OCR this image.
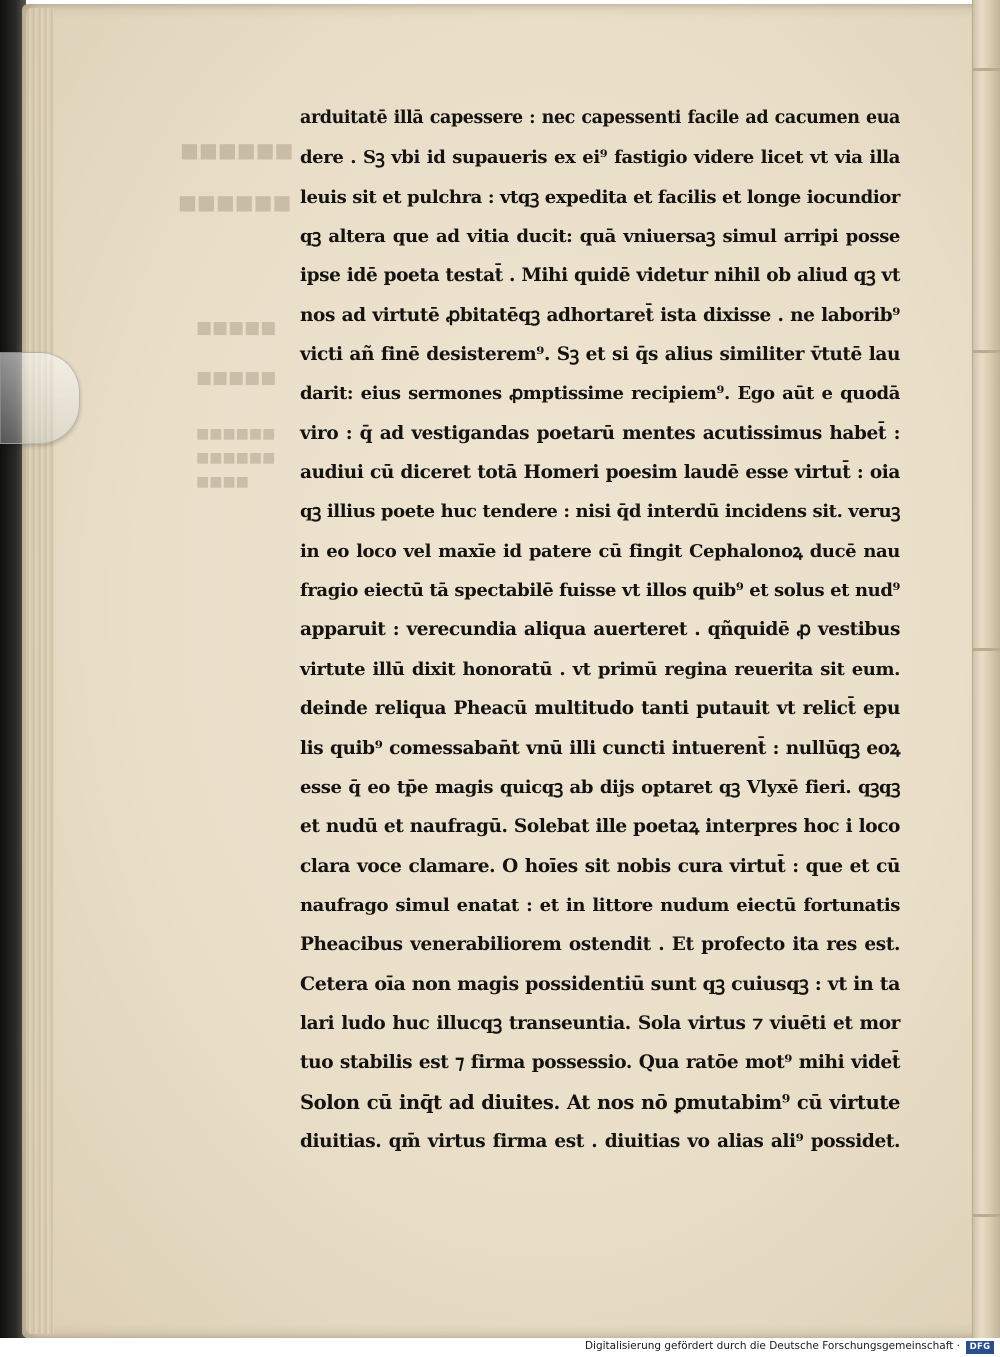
■■■■■■
■■■■■■
■■■■■
■■■■■
■■■■■■
■■■■■■
■■■■
arduitatē illā capessere : nec capessenti facile ad cacumen eua
dere . Sꝫ vbi id supaueris ex ei⁹ fastigio videre licet vt via illa
leuis sit et pulchra : vtqꝫ expedita et facilis et longe iocundior
qꝫ altera que ad vitia ducit: quā vniuersaꝫ simul arripi posse
ipse idē poeta testat̄ . Mihi quidē videtur nihil ob aliud qꝫ vt
nos ad virtutē ꝓbitatēqꝫ adhortaret̄ ista dixisse . ne laborib⁹
victi añ finē desisterem⁹. Sꝫ et si q̄s alius similiter v̄tutē lau
darit: eius sermones ꝓmptissime recipiem⁹. Ego aūt e quodā
viro : q̄ ad vestigandas poetarū mentes acutissimus habet̄ :
audiui cū diceret totā Homeri poesim laudē esse virtut̄ : oia
qꝫ illius poete huc tendere : nisi q̄d interdū incidens sit. veruꝫ
in eo loco vel maxīe id patere cū fingit Cephalonoꝝ ducē nau
fragio eiectū tā spectabilē fuisse vt illos quib⁹ et solus et nud⁹
apparuit : verecundia aliqua auerteret . qñquidē ꝓ vestibus
virtute illū dixit honoratū . vt primū regina reuerita sit eum.
deinde reliqua Pheacū multitudo tanti putauit vt relict̄ epu
lis quib⁹ comessaban̄t vnū illi cuncti intuerent̄ : nullūqꝫ eoꝝ
esse q̄ eo tp̄e magis quicqꝫ ab dijs optaret qꝫ Vlyxē fieri. qꝫqꝫ
et nudū et naufragū. Solebat ille poetaꝝ interpres hoc i loco
clara voce clamare. O hoīes sit nobis cura virtut̄ : que et cū
naufrago simul enatat : et in littore nudum eiectū fortunatis
Pheacibus venerabiliorem ostendit . Et profecto ita res est.
Cetera oīa non magis possidentiū sunt qꝫ cuiusqꝫ : vt in ta
lari ludo huc illucqꝫ transeuntia. Sola virtus ⁊ viuēti et mor
tuo stabilis est ⁊ firma possessio. Qua ratōe mot⁹ mihi videt̄
Solon cū inq̄t ad diuites. At nos nō ꝑmutabim⁹ cū virtute
diuitias. qm̄ virtus firma est . diuitias vo alias ali⁹ possidet.
Digitalisierung gefördert durch die Deutsche Forschungsgemeinschaft ·	DFG
